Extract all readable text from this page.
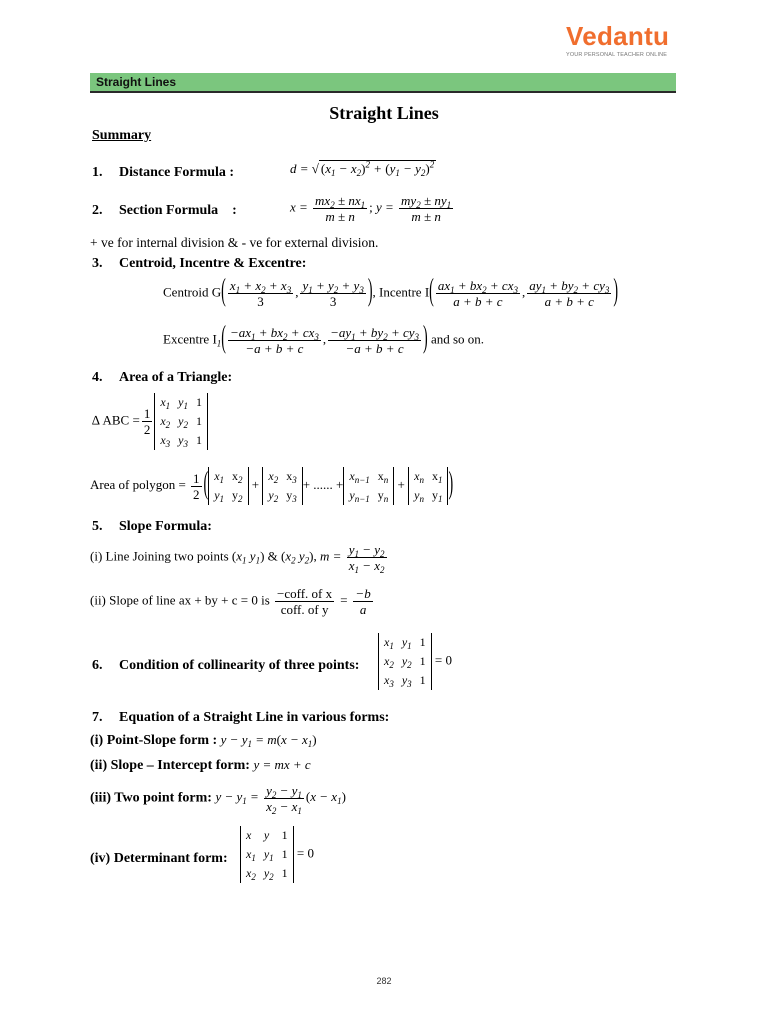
Vedantu
YOUR PERSONAL TEACHER ONLINE
Straight Lines
Straight Lines
Summary
1. Distance Formula :	d = √ $(x_1 - x_2)^2 + (y_1 - y_2)^2$
2. Section Formula :	$x = \frac{mx_2 \pm nx_1}{m \pm n}$ ; $y = \frac{my_2 \pm ny_1}{m \pm n}$
+ ve for internal division & - ve for external division.
3. Centroid, Incentre & Excentre:
Centroid $G( \frac{x_1 + x_2 + x_3}{3}$ , $\frac{y_1 + y_2 + y_3}{3}$ ), Incentre $I( \frac{ax_1 + bx_2 + cx_3}{a + b + c}$ , $\frac{ay_1 + by_2 + cy_3}{a + b + c}$ )
Excentre $I_1( \frac{-ax_1 + bx_2 + cx_3}{-a + b + c}$ , $\frac{-ay_1 + by_2 + cy_3}{-a + b + c}$ ) and so on.
4. Area of a Triangle:
∆ ABC = $\frac{1}{2}$
$x_1$	$y_1$	1
$x_2$	$y_2$	1
$x_3$	$y_3$	1
Area of polygon = $\frac{1}{2}$ ( $x_1$	$x_2$
$y_1$	$y_2$
+
$x_2$	$x_3$
$y_2$	$y_3$
+ ...... +
$x_{n-1}$	$x_n$
$y_{n-1}$	$y_n$
+
$x_n$	$x_1$
$y_n$	$y_1$ )
5. Slope Formula:
(i) Line Joining two points ($x_1$ $y_1$) & ($x_2$ $y_2$), $m = \frac{y_1 - y_2}{x_1 - x_2}$
(ii) Slope of line ax + by + c = 0 is $\frac{\text{−coff. of x}}{\text{coff. of y}} = \frac{-b}{a}$
6. Condition of collinearity of three points:
$x_1$	$y_1$	1
$x_2$	$y_2$	1
$x_3$	$y_3$	1
= 0
7. Equation of a Straight Line in various forms:
(i) Point-Slope form : $y - y_1 = m(x - x_1)$
(ii) Slope – Intercept form: y = mx + c
(iii) Two point form: $y - y_1 = \frac{y_2 - y_1}{x_2 - x_1} (x - x_1)$
(iv) Determinant form:
x	y	1
$x_1$	$y_1$	1
$x_2$	$y_2$	1
= 0
282
